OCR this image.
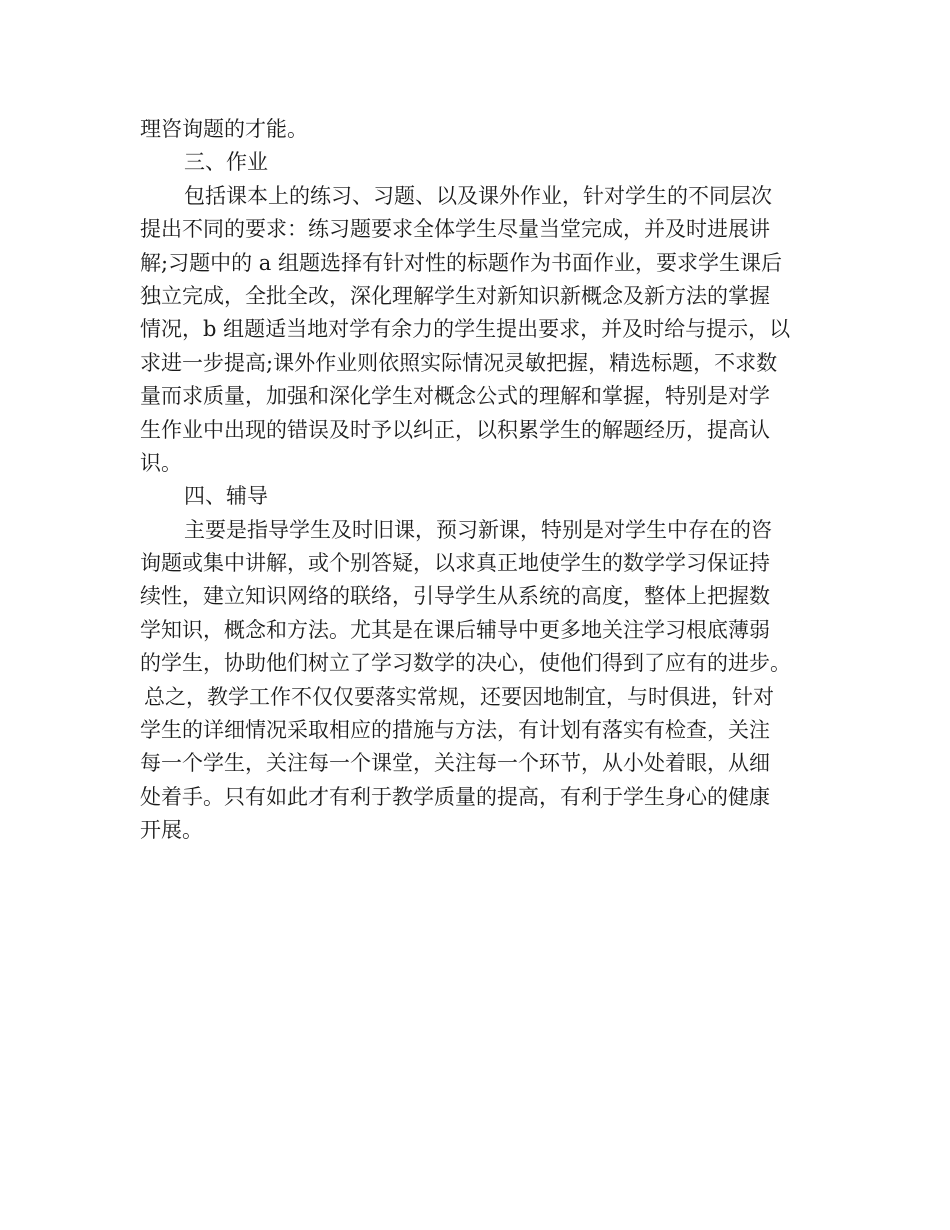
理咨询题的才能。
三、作业
包括课本上的练习、习题、以及课外作业，针对学生的不同层次
提出不同的要求：练习题要求全体学生尽量当堂完成，并及时进展讲
解;习题中的 a 组题选择有针对性的标题作为书面作业，要求学生课后
独立完成，全批全改，深化理解学生对新知识新概念及新方法的掌握
情况，b 组题适当地对学有余力的学生提出要求，并及时给与提示，以
求进一步提高;课外作业则依照实际情况灵敏把握，精选标题，不求数
量而求质量，加强和深化学生对概念公式的理解和掌握，特别是对学
生作业中出现的错误及时予以纠正，以积累学生的解题经历，提高认
识。
四、辅导
主要是指导学生及时旧课，预习新课，特别是对学生中存在的咨
询题或集中讲解，或个别答疑，以求真正地使学生的数学学习保证持
续性，建立知识网络的联络，引导学生从系统的高度，整体上把握数
学知识，概念和方法。尤其是在课后辅导中更多地关注学习根底薄弱
的学生，协助他们树立了学习数学的决心，使他们得到了应有的进步。
总之，教学工作不仅仅要落实常规，还要因地制宜，与时俱进，针对
学生的详细情况采取相应的措施与方法，有计划有落实有检查，关注
每一个学生，关注每一个课堂，关注每一个环节，从小处着眼，从细
处着手。只有如此才有利于教学质量的提高，有利于学生身心的健康
开展。
